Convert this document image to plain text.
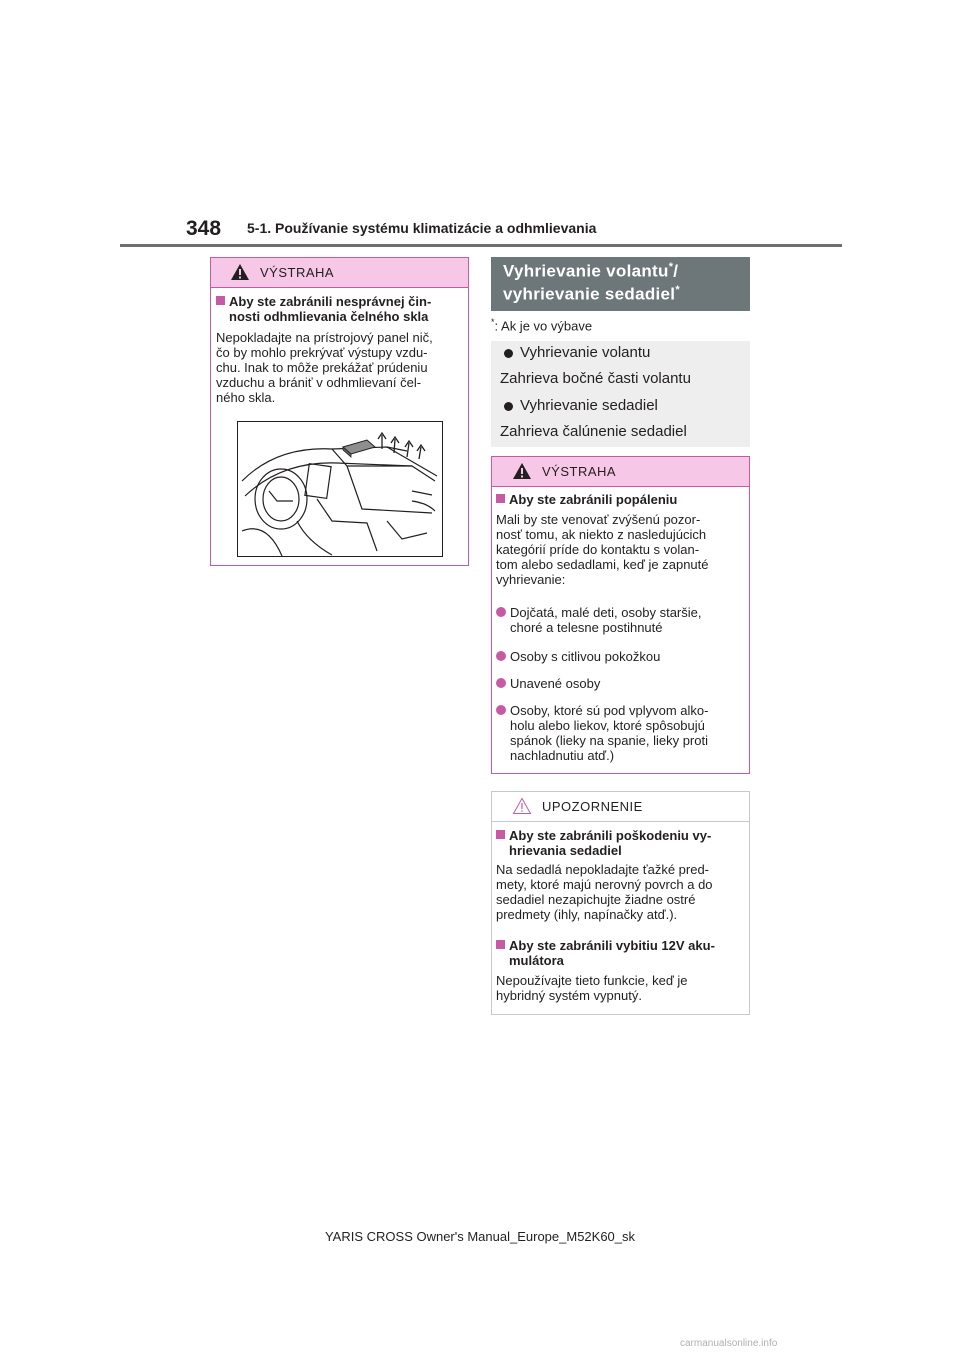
348 5-1. Používanie systému klimatizácie a odhmlievania
VÝSTRAHA
Aby ste zabránili nesprávnej čin-
nosti odhmlievania čelného skla
Nepokladajte na prístrojový panel nič,
čo by mohlo prekrývať výstupy vzdu-
chu. Inak to môže prekážať prúdeniu
vzduchu a brániť v odhmlievaní čel-
ného skla.
Vyhrievanie volantu*/
vyhrievanie sedadiel*
*: Ak je vo výbave
Vyhrievanie volantu
Zahrieva bočné časti volantu
Vyhrievanie sedadiel
Zahrieva čalúnenie sedadiel
VÝSTRAHA
Aby ste zabránili popáleniu
Mali by ste venovať zvýšenú pozor-
nosť tomu, ak niekto z nasledujúcich
kategórií príde do kontaktu s volan-
tom alebo sedadlami, keď je zapnuté
vyhrievanie:
Dojčatá, malé deti, osoby staršie,
choré a telesne postihnuté
Osoby s citlivou pokožkou
Unavené osoby
Osoby, ktoré sú pod vplyvom alko-
holu alebo liekov, ktoré spôsobujú
spánok (lieky na spanie, lieky proti
nachladnutiu atď.)
UPOZORNENIE
Aby ste zabránili poškodeniu vy-
hrievania sedadiel
Na sedadlá nepokladajte ťažké pred-
mety, ktoré majú nerovný povrch a do
sedadiel nezapichujte žiadne ostré
predmety (ihly, napínačky atď.).
Aby ste zabránili vybitiu 12V aku-
mulátora
Nepoužívajte tieto funkcie, keď je
hybridný systém vypnutý.
YARIS CROSS Owner's Manual_Europe_M52K60_sk
carmanualsonline.info
